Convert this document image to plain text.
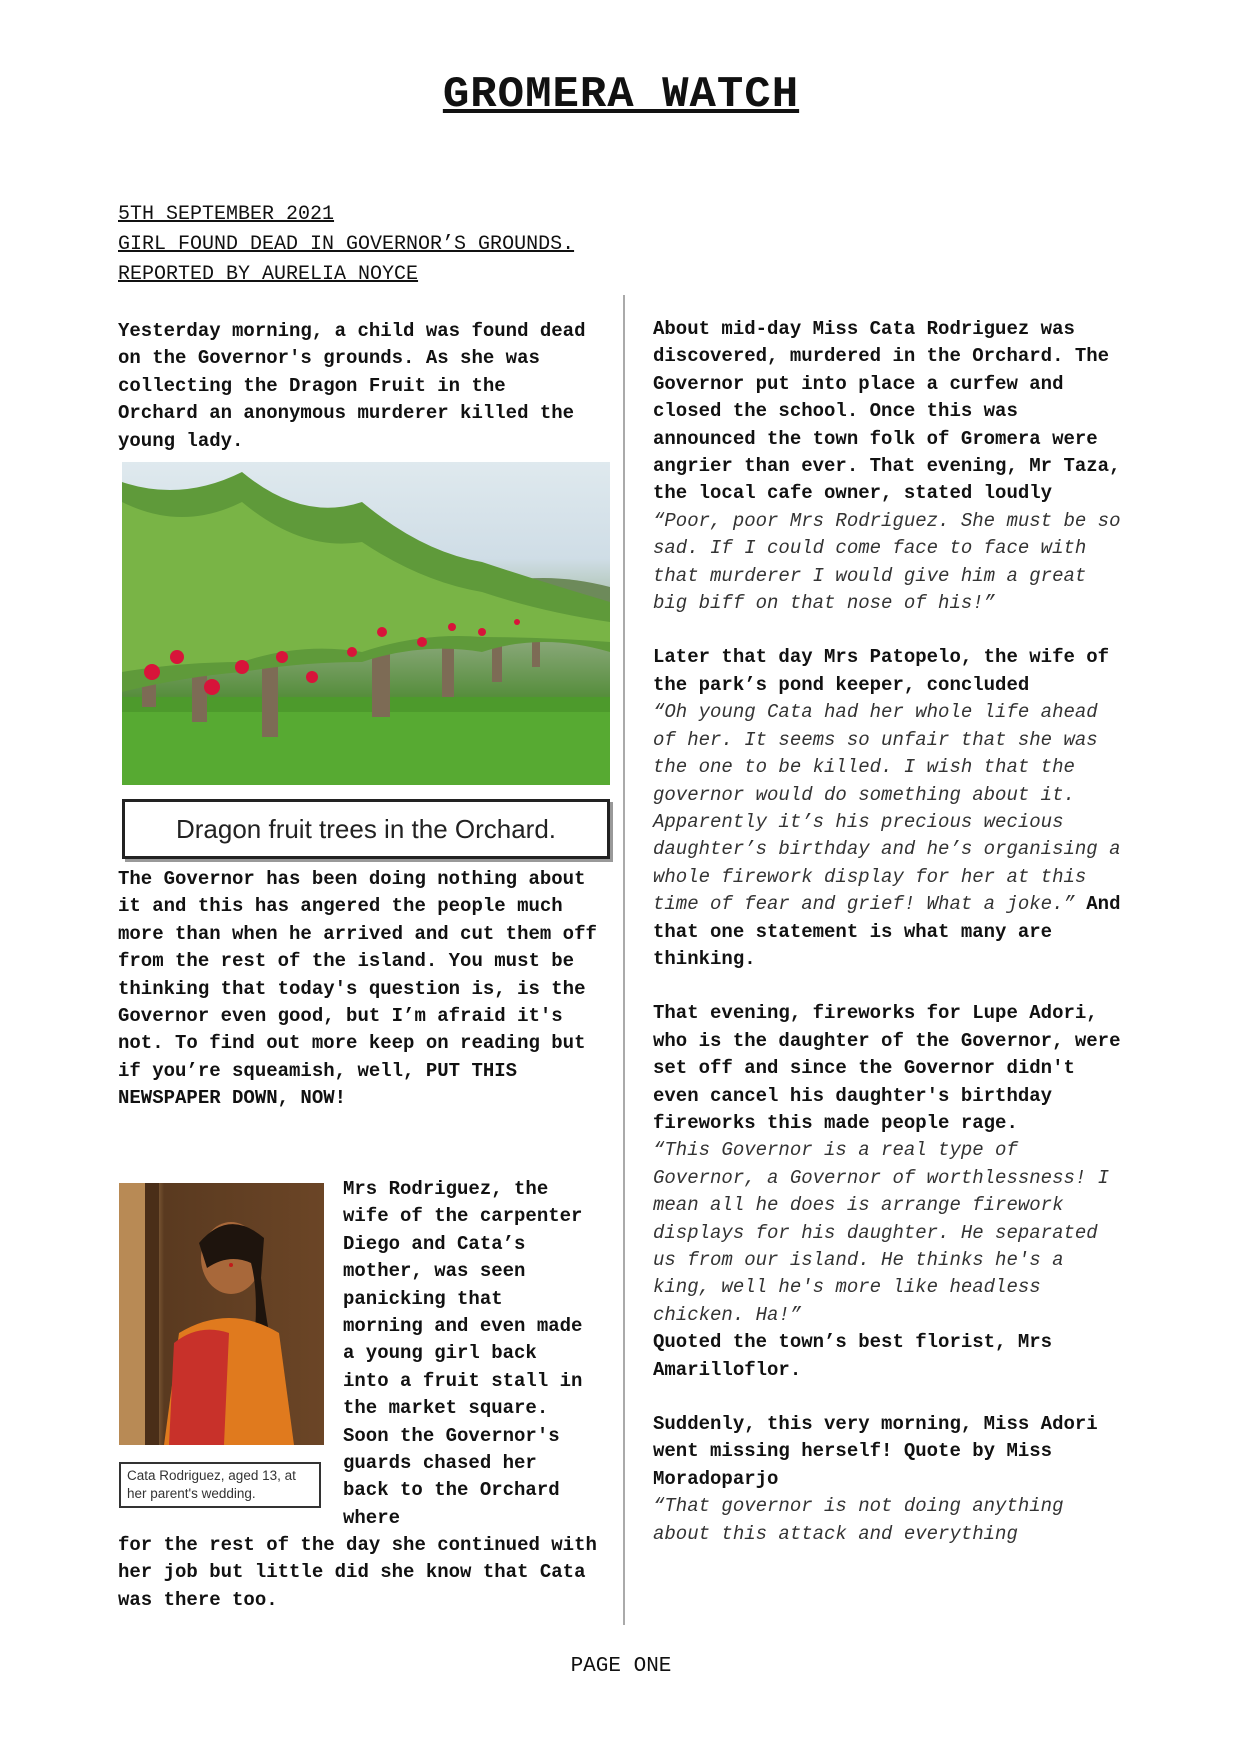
GROMERA WATCH
5TH SEPTEMBER 2021
GIRL FOUND DEAD IN GOVERNOR’S GROUNDS.
REPORTED BY AURELIA NOYCE

Yesterday morning, a child was found dead on the Governor's grounds. As she was collecting the Dragon Fruit in the Orchard an anonymous murderer killed the young lady.

Dragon fruit trees in the Orchard.

The Governor has been doing nothing about it and this has angered the people much more than when he arrived and cut them off from the rest of the island. You must be thinking that today's question is, is the Governor even good, but I’m afraid it's not. To find out more keep on reading but if you’re squeamish, well, PUT THIS NEWSPAPER DOWN, NOW!

Cata Rodriguez, aged 13, at her parent's wedding.

Mrs Rodriguez, the wife of the carpenter Diego and Cata’s mother, was seen panicking that morning and even made a young girl back into a fruit stall in the market square. Soon the Governor's guards chased her back to the Orchard where

for the rest of the day she continued with her job but little did she know that Cata was there too.

About mid-day Miss Cata Rodriguez was discovered, murdered in the Orchard. The Governor put into place a curfew and closed the school. Once this was announced the town folk of Gromera were angrier than ever. That evening, Mr Taza, the local cafe owner, stated loudly

“Poor, poor Mrs Rodriguez. She must be so sad. If I could come face to face with that murderer I would give him a great big biff on that nose of his!”

Later that day Mrs Patopelo, the wife of the park’s pond keeper, concluded

“Oh young Cata had her whole life ahead of her. It seems so unfair that she was the one to be killed. I wish that the governor would do something about it. Apparently it’s his precious wecious daughter’s birthday and he’s organising a whole firework display for her at this time of fear and grief! What a joke.” And that one statement is what many are thinking.

That evening, fireworks for Lupe Adori, who is the daughter of the Governor, were set off and since the Governor didn't even cancel his daughter's birthday fireworks this made people rage.

“This Governor is a real type of Governor, a Governor of worthlessness! I mean all he does is arrange firework displays for his daughter. He separated us from our island. He thinks he's a king, well he's more like headless chicken. Ha!”

Quoted the town’s best florist, Mrs Amarilloflor.

Suddenly, this very morning, Miss Adori went missing herself! Quote by Miss Moradoparjo

“That governor is not doing anything about this attack and everything

PAGE ONE
